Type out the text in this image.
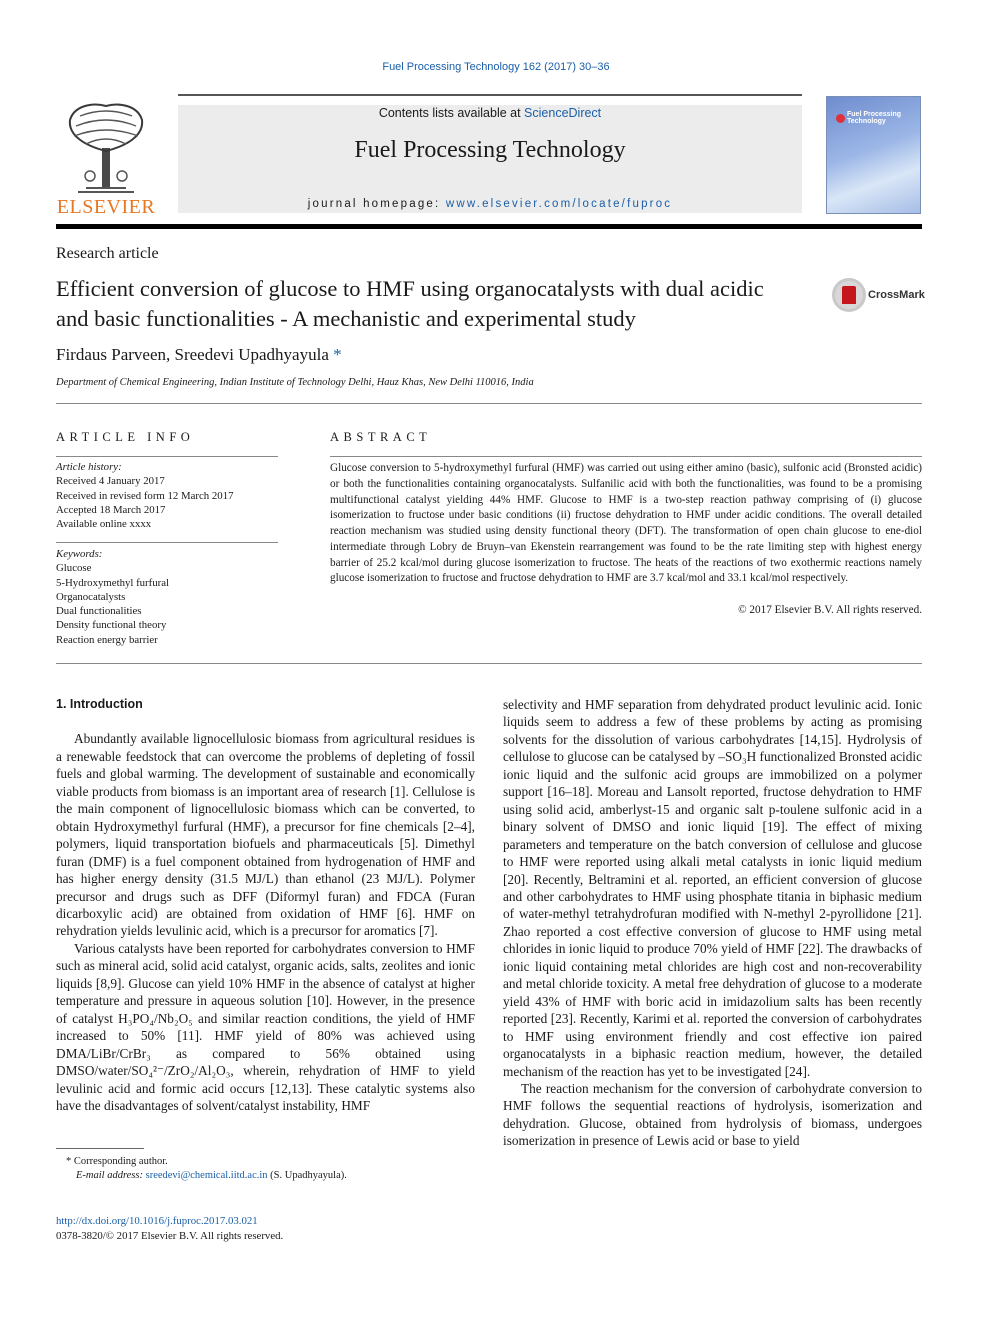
Fuel Processing Technology 162 (2017) 30–36
ELSEVIER
Contents lists available at ScienceDirect
Fuel Processing Technology
journal homepage: www.elsevier.com/locate/fuproc
Fuel Processing Technology
Research article
Efficient conversion of glucose to HMF using organocatalysts with dual acidic and basic functionalities - A mechanistic and experimental study
CrossMark
Firdaus Parveen, Sreedevi Upadhyayula *
Department of Chemical Engineering, Indian Institute of Technology Delhi, Hauz Khas, New Delhi 110016, India
ARTICLE INFO
Article history:
Received 4 January 2017
Received in revised form 12 March 2017
Accepted 18 March 2017
Available online xxxx
Keywords:
Glucose
5-Hydroxymethyl furfural
Organocatalysts
Dual functionalities
Density functional theory
Reaction energy barrier
ABSTRACT
Glucose conversion to 5-hydroxymethyl furfural (HMF) was carried out using either amino (basic), sulfonic acid (Bronsted acidic) or both the functionalities containing organocatalysts. Sulfanilic acid with both the functionalities, was found to be a promising multifunctional catalyst yielding 44% HMF. Glucose to HMF is a two-step reaction pathway comprising of (i) glucose isomerization to fructose under basic conditions (ii) fructose dehydration to HMF under acidic conditions. The overall detailed reaction mechanism was studied using density functional theory (DFT). The transformation of open chain glucose to ene-diol intermediate through Lobry de Bruyn–van Ekenstein rearrangement was found to be the rate limiting step with highest energy barrier of 25.2 kcal/mol during glucose isomerization to fructose. The heats of the reactions of two exothermic reactions namely glucose isomerization to fructose and fructose dehydration to HMF are 3.7 kcal/mol and 33.1 kcal/mol respectively.
© 2017 Elsevier B.V. All rights reserved.
1. Introduction

Abundantly available lignocellulosic biomass from agricultural residues is a renewable feedstock that can overcome the problems of depleting of fossil fuels and global warming. The development of sustainable and economically viable products from biomass is an important area of research [1]. Cellulose is the main component of lignocellulosic biomass which can be converted, to obtain Hydroxymethyl furfural (HMF), a precursor for fine chemicals [2–4], polymers, liquid transportation biofuels and pharmaceuticals [5]. Dimethyl furan (DMF) is a fuel component obtained from hydrogenation of HMF and has higher energy density (31.5 MJ/L) than ethanol (23 MJ/L). Polymer precursor and drugs such as DFF (Diformyl furan) and FDCA (Furan dicarboxylic acid) are obtained from oxidation of HMF [6]. HMF on rehydration yields levulinic acid, which is a precursor for aromatics [7].

Various catalysts have been reported for carbohydrates conversion to HMF such as mineral acid, solid acid catalyst, organic acids, salts, zeolites and ionic liquids [8,9]. Glucose can yield 10% HMF in the absence of catalyst at higher temperature and pressure in aqueous solution [10]. However, in the presence of catalyst H₃PO₄/Nb₂O₅ and similar reaction conditions, the yield of HMF increased to 50% [11]. HMF yield of 80% was achieved using DMA/LiBr/CrBr₃ as compared to 56% obtained using DMSO/water/SO₄²⁻/ZrO₂/Al₂O₃, wherein, rehydration of HMF to yield levulinic acid and formic acid occurs [12,13]. These catalytic systems also have the disadvantages of solvent/catalyst instability, HMF

selectivity and HMF separation from dehydrated product levulinic acid. Ionic liquids seem to address a few of these problems by acting as promising solvents for the dissolution of various carbohydrates [14,15]. Hydrolysis of cellulose to glucose can be catalysed by –SO₃H functionalized Bronsted acidic ionic liquid and the sulfonic acid groups are immobilized on a polymer support [16–18]. Moreau and Lansolt reported, fructose dehydration to HMF using solid acid, amberlyst-15 and organic salt p-toulene sulfonic acid in a binary solvent of DMSO and ionic liquid [19]. The effect of mixing parameters and temperature on the batch conversion of cellulose and glucose to HMF were reported using alkali metal catalysts in ionic liquid medium [20]. Recently, Beltramini et al. reported, an efficient conversion of glucose and other carbohydrates to HMF using phosphate titania in biphasic medium of water-methyl tetrahydrofuran modified with N-methyl 2-pyrollidone [21]. Zhao reported a cost effective conversion of glucose to HMF using metal chlorides in ionic liquid to produce 70% yield of HMF [22]. The drawbacks of ionic liquid containing metal chlorides are high cost and non-recoverability and metal chloride toxicity. A metal free dehydration of glucose to a moderate yield 43% of HMF with boric acid in imidazolium salts has been recently reported [23]. Recently, Karimi et al. reported the conversion of carbohydrates to HMF using environment friendly and cost effective ion paired organocatalysts in a biphasic reaction medium, however, the detailed mechanism of the reaction has yet to be investigated [24].

The reaction mechanism for the conversion of carbohydrate conversion to HMF follows the sequential reactions of hydrolysis, isomerization and dehydration. Glucose, obtained from hydrolysis of biomass, undergoes isomerization in presence of Lewis acid or base to yield

* Corresponding author.
E-mail address: sreedevi@chemical.iitd.ac.in (S. Upadhyayula).
http://dx.doi.org/10.1016/j.fuproc.2017.03.021
0378-3820/© 2017 Elsevier B.V. All rights reserved.
